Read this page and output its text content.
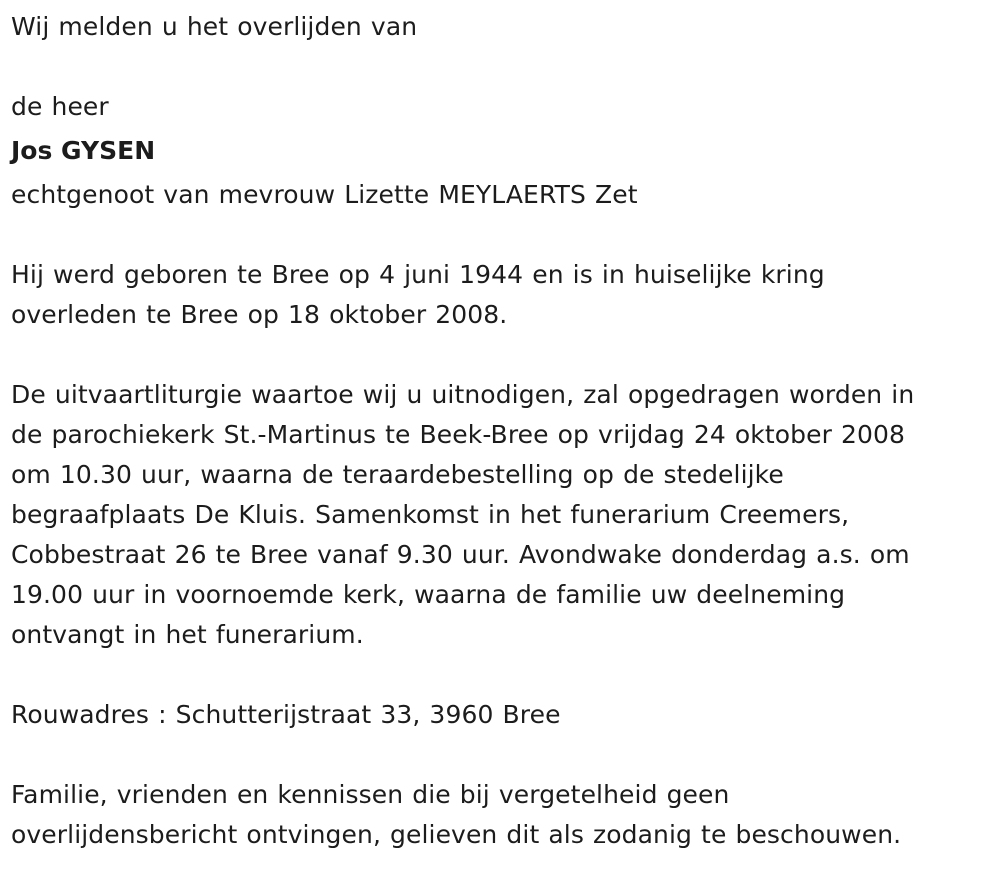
Wij melden u het overlijden van

de heer

Jos GYSEN

echtgenoot van mevrouw Lizette MEYLAERTS Zet

Hij werd geboren te Bree op 4 juni 1944 en is in huiselijke kring

overleden te Bree op 18 oktober 2008.

De uitvaartliturgie waartoe wij u uitnodigen, zal opgedragen worden in

de parochiekerk St.-Martinus te Beek-Bree op vrijdag 24 oktober 2008

om 10.30 uur, waarna de teraardebestelling op de stedelijke

begraafplaats De Kluis. Samenkomst in het funerarium Creemers,

Cobbestraat 26 te Bree vanaf 9.30 uur. Avondwake donderdag a.s. om

19.00 uur in voornoemde kerk, waarna de familie uw deelneming

ontvangt in het funerarium.

Rouwadres : Schutterijstraat 33, 3960 Bree

Familie, vrienden en kennissen die bij vergetelheid geen

overlijdensbericht ontvingen, gelieven dit als zodanig te beschouwen.
